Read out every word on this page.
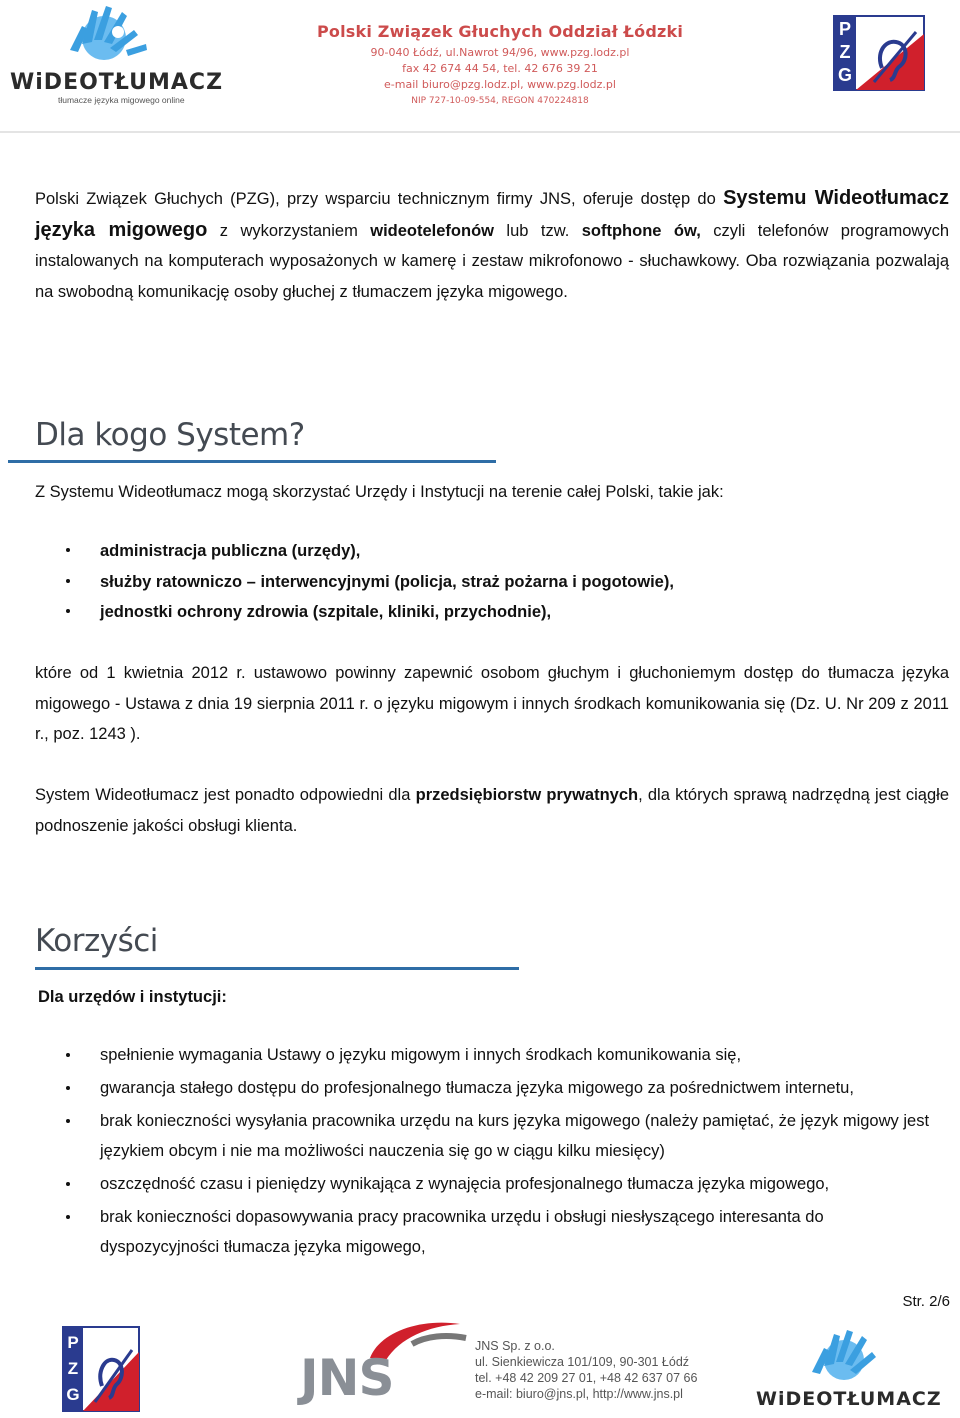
WiDEOTŁUMACZ
tłumacze języka migowego online
Polski Związek Głuchych Oddział Łódzki
90-040 Łódź, ul.Nawrot 94/96, www.pzg.lodz.pl
fax 42 674 44 54, tel. 42 676 39 21
e-mail biuro@pzg.lodz.pl, www.pzg.lodz.pl
NIP 727-10-09-554, REGON 470224818
PZG
Polski Związek Głuchych (PZG), przy wsparciu technicznym firmy JNS, oferuje dostęp do Systemu Wideotłumacz języka migowego z wykorzystaniem wideotelefonów lub tzw. softphone ów, czyli telefonów programowych instalowanych na komputerach wyposażonych w kamerę i zestaw mikrofonowo - słuchawkowy. Oba rozwiązania pozwalają na swobodną komunikację osoby głuchej z tłumaczem języka migowego.
Dla kogo System?
Z Systemu Wideotłumacz mogą skorzystać Urzędy i Instytucji na terenie całej Polski, takie jak:
administracja publiczna (urzędy),
służby ratowniczo – interwencyjnymi (policja, straż pożarna i pogotowie),
jednostki ochrony zdrowia (szpitale, kliniki, przychodnie),
które od 1 kwietnia 2012 r. ustawowo powinny zapewnić osobom głuchym i głuchoniemym dostęp do tłumacza języka migowego - Ustawa z dnia 19 sierpnia 2011 r. o języku migowym i innych środkach komunikowania się (Dz. U. Nr 209 z 2011 r., poz. 1243 ).
System Wideotłumacz jest ponadto odpowiedni dla przedsiębiorstw prywatnych, dla których sprawą nadrzędną jest ciągłe podnoszenie jakości obsługi klienta.
Korzyści
Dla urzędów i instytucji:
spełnienie wymagania Ustawy o języku migowym i innych środkach komunikowania się,
gwarancja stałego dostępu do profesjonalnego tłumacza języka migowego za pośrednictwem internetu,
brak konieczności wysyłania pracownika urzędu na kurs języka migowego (należy pamiętać, że język migowy jest językiem obcym i nie ma możliwości nauczenia się go w ciągu kilku miesięcy)
oszczędność czasu i pieniędzy wynikająca z wynajęcia profesjonalnego tłumacza języka migowego,
brak konieczności dopasowywania pracy pracownika urzędu i obsługi niesłyszącego interesanta do dyspozycyjności tłumacza języka migowego,
Str. 2/6
PZG	JNS
JNS Sp. z o.o.
ul. Sienkiewicza 101/109, 90-301 Łódź
tel. +48 42 209 27 01, +48 42 637 07 66
e-mail: biuro@jns.pl, http://www.jns.pl	WiDEOTŁUMACZ
